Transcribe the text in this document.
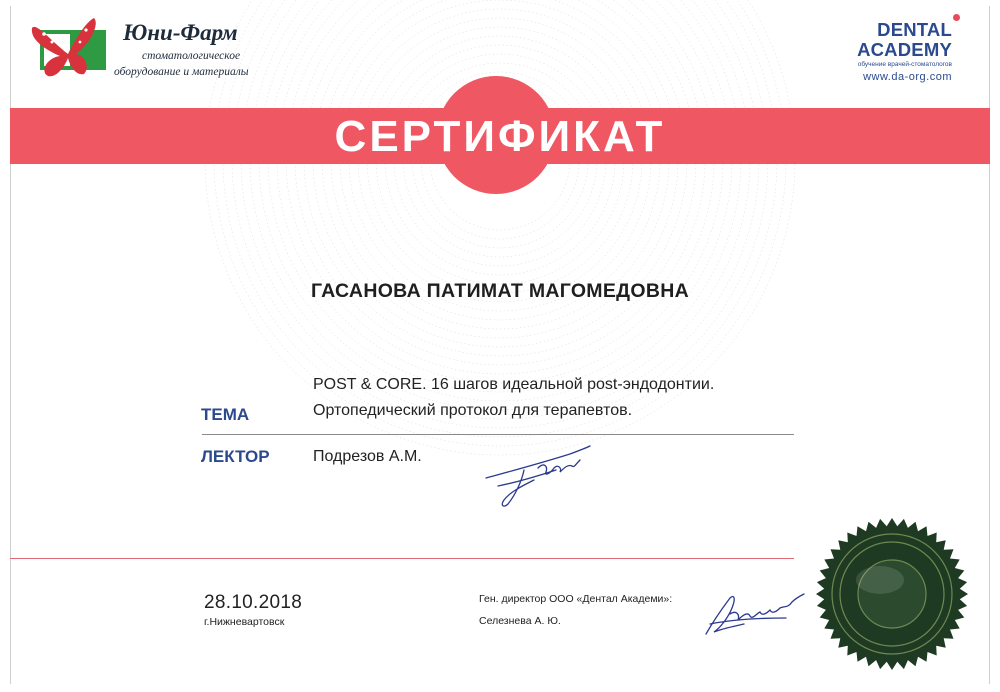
Юни-Фарм
стоматологическое
оборудование и материалы
DENTAL
ACADEMY
обучение врачей-стоматологов
www.da-org.com
СЕРТИФИКАТ
ГАСАНОВА ПАТИМАТ МАГОМЕДОВНА
POST & CORE. 16 шагов идеальной post-эндодонтии.
Ортопедический протокол для терапевтов.
ТЕМА
ЛЕКТОР	Подрезов А.М.
28.10.2018
г.Нижневартовск
Ген. директор ООО «Дентал Академи»:
Селезнева А. Ю.
